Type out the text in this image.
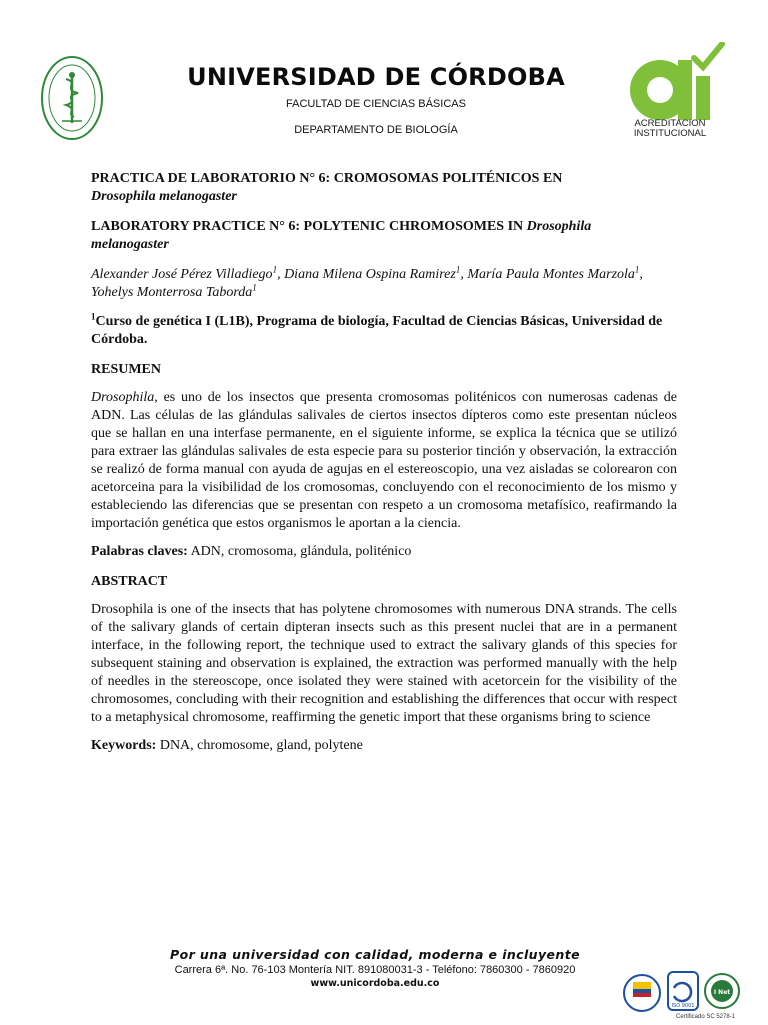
UNIVERSIDAD DE CÓRDOBA
FACULTAD DE CIENCIAS BÁSICAS
DEPARTAMENTO DE BIOLOGÍA
ACREDITACIÓN INSTITUCIONAL
PRACTICA DE LABORATORIO N° 6: CROMOSOMAS POLITÉNICOS EN
Drosophila melanogaster
LABORATORY PRACTICE N° 6: POLYTENIC CHROMOSOMES IN Drosophila
melanogaster
Alexander José Pérez Villadiego$^1$, Diana Milena Ospina Ramirez$^1$, María Paula Montes Marzola$^1$, Yohelys Monterrosa Taborda$^1$
$^1$Curso de genética I (L1B), Programa de biología, Facultad de Ciencias Básicas, Universidad de Córdoba.
RESUMEN
Drosophila, es uno de los insectos que presenta cromosomas politénicos con numerosas cadenas de ADN. Las células de las glándulas salivales de ciertos insectos dípteros como este presentan núcleos que se hallan en una interfase permanente, en el siguiente informe, se explica la técnica que se utilizó para extraer las glándulas salivales de esta especie para su posterior tinción y observación, la extracción se realizó de forma manual con ayuda de agujas en el estereoscopio, una vez aisladas se colorearon con acetorceina para la visibilidad de los cromosomas, concluyendo con el reconocimiento de los mismo y estableciendo las diferencias que se presentan con respeto a un cromosoma metafísico, reafirmando la importación genética que estos organismos le aportan a la ciencia.
Palabras claves: ADN, cromosoma, glándula, politénico
ABSTRACT
Drosophila is one of the insects that has polytene chromosomes with numerous DNA strands. The cells of the salivary glands of certain dipteran insects such as this present nuclei that are in a permanent interface, in the following report, the technique used to extract the salivary glands of this species for subsequent staining and observation is explained, the extraction was performed manually with the help of needles in the stereoscope, once isolated they were stained with acetorcein for the visibility of the chromosomes, concluding with their recognition and establishing the differences that occur with respect to a metaphysical chromosome, reaffirming the genetic import that these organisms bring to science
Keywords: DNA, chromosome, gland, polytene
Por una universidad con calidad, moderna e incluyente
Carrera 6ª. No. 76-103 Montería NIT. 891080031-3 - Teléfono: 7860300 - 7860920
www.unicordoba.edu.co
ISO 9001
I Net
Certificado SC 5278-1
